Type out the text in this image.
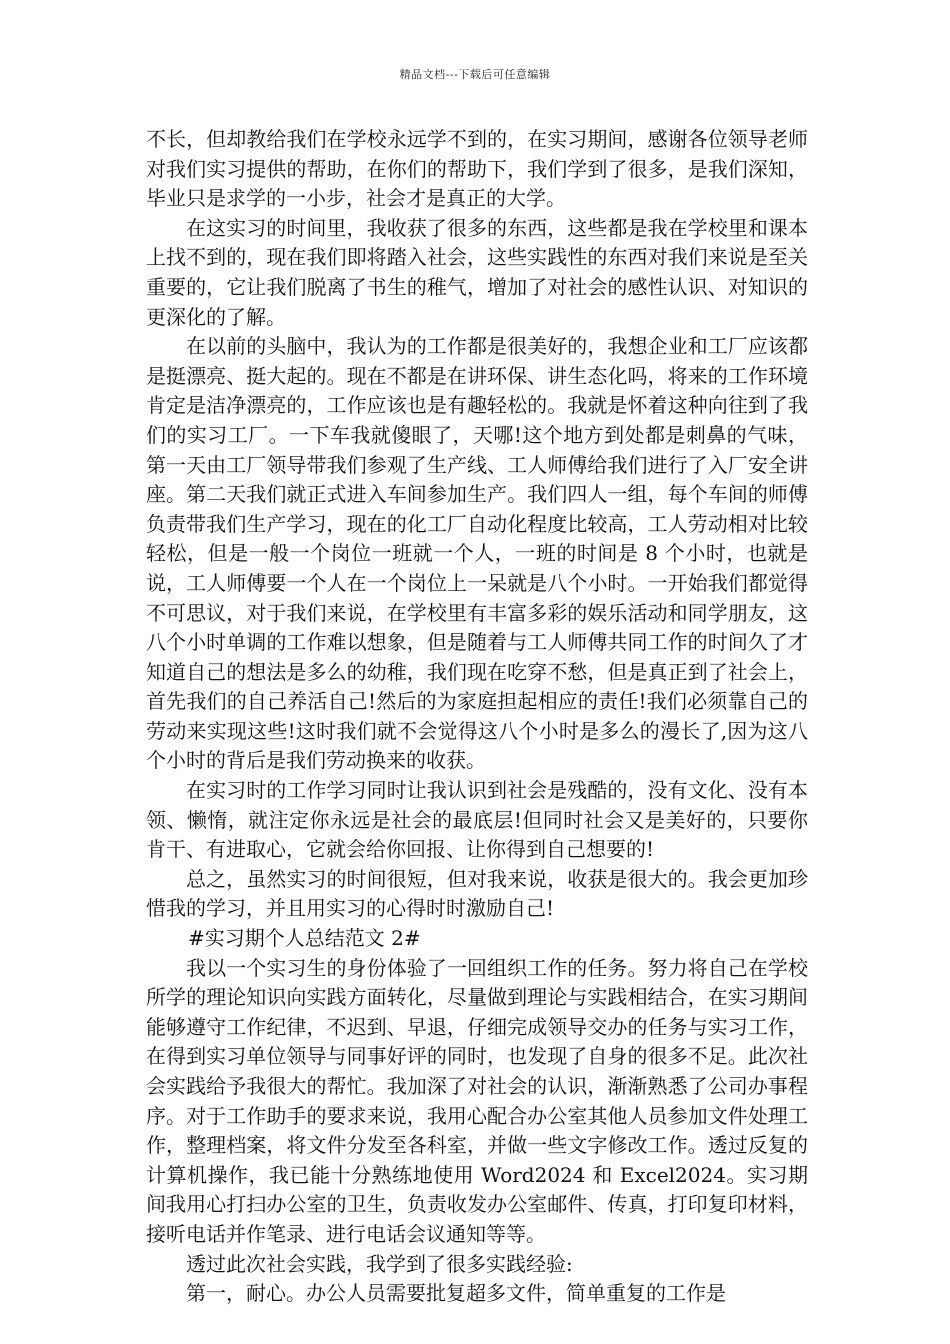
精品文档---下载后可任意编辑

不长，但却教给我们在学校永远学不到的，在实习期间，感谢各位领导老师对我们实习提供的帮助，在你们的帮助下，我们学到了很多，是我们深知，毕业只是求学的一小步，社会才是真正的大学。

在这实习的时间里，我收获了很多的东西，这些都是我在学校里和课本上找不到的，现在我们即将踏入社会，这些实践性的东西对我们来说是至关重要的，它让我们脱离了书生的稚气，增加了对社会的感性认识、对知识的更深化的了解。

在以前的头脑中，我认为的工作都是很美好的，我想企业和工厂应该都是挺漂亮、挺大起的。现在不都是在讲环保、讲生态化吗，将来的工作环境肯定是洁净漂亮的，工作应该也是有趣轻松的。我就是怀着这种向往到了我们的实习工厂。一下车我就傻眼了，天哪!这个地方到处都是刺鼻的气味，第一天由工厂领导带我们参观了生产线、工人师傅给我们进行了入厂安全讲座。第二天我们就正式进入车间参加生产。我们四人一组，每个车间的师傅负责带我们生产学习，现在的化工厂自动化程度比较高，工人劳动相对比较轻松，但是一般一个岗位一班就一个人，一班的时间是 8 个小时，也就是说，工人师傅要一个人在一个岗位上一呆就是八个小时。一开始我们都觉得不可思议，对于我们来说，在学校里有丰富多彩的娱乐活动和同学朋友，这八个小时单调的工作难以想象，但是随着与工人师傅共同工作的时间久了才知道自己的想法是多么的幼稚，我们现在吃穿不愁，但是真正到了社会上，首先我们的自己养活自己!然后的为家庭担起相应的责任!我们必须靠自己的劳动来实现这些!这时我们就不会觉得这八个小时是多么的漫长了,因为这八个小时的背后是我们劳动换来的收获。

在实习时的工作学习同时让我认识到社会是残酷的，没有文化、没有本领、懒惰，就注定你永远是社会的最底层!但同时社会又是美好的，只要你肯干、有进取心，它就会给你回报、让你得到自己想要的!

总之，虽然实习的时间很短，但对我来说，收获是很大的。我会更加珍惜我的学习，并且用实习的心得时时激励自己!

#实习期个人总结范文 2#

我以一个实习生的身份体验了一回组织工作的任务。努力将自己在学校所学的理论知识向实践方面转化，尽量做到理论与实践相结合，在实习期间能够遵守工作纪律，不迟到、早退，仔细完成领导交办的任务与实习工作，在得到实习单位领导与同事好评的同时，也发现了自身的很多不足。此次社会实践给予我很大的帮忙。我加深了对社会的认识，渐渐熟悉了公司办事程序。对于工作助手的要求来说，我用心配合办公室其他人员参加文件处理工作，整理档案，将文件分发至各科室，并做一些文字修改工作。透过反复的计算机操作，我已能十分熟练地使用 Word2024 和 Excel2024。实习期间我用心打扫办公室的卫生，负责收发办公室邮件、传真，打印复印材料，接听电话并作笔录、进行电话会议通知等等。

透过此次社会实践，我学到了很多实践经验:

第一，耐心。办公人员需要批复超多文件，简单重复的工作是
